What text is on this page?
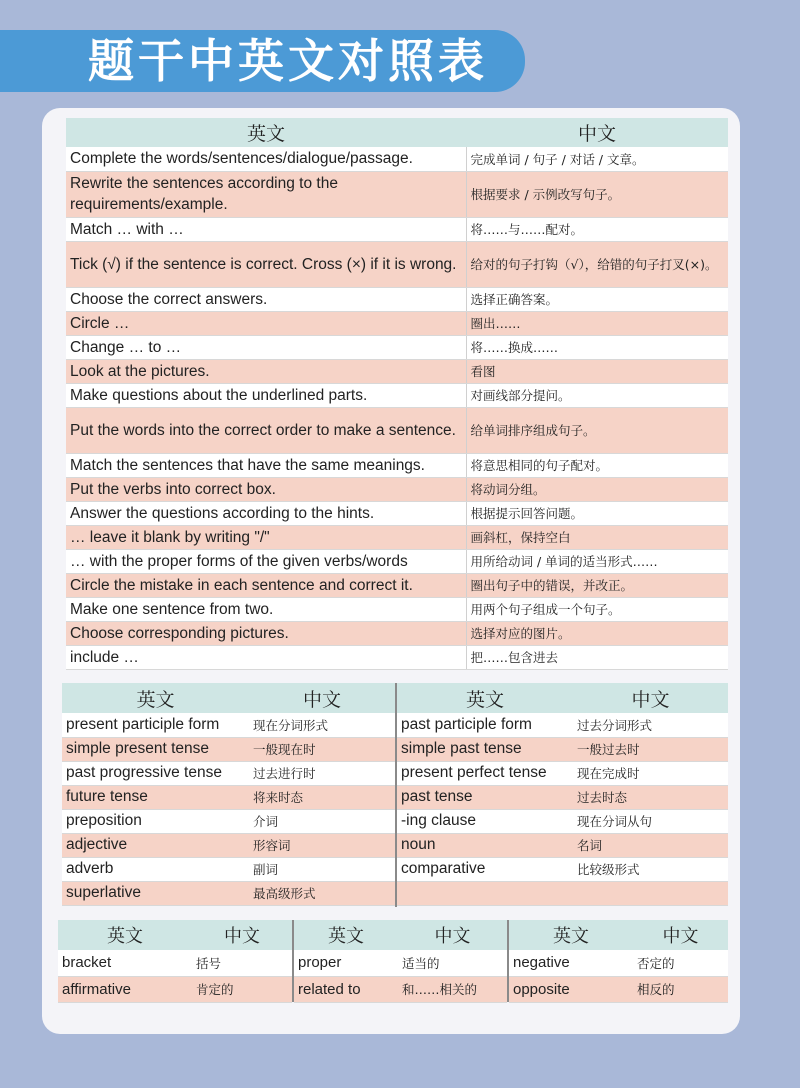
题干中英文对照表
英文	中文
Complete the words/sentences/dialogue/passage.	完成单词 / 句子 / 对话 / 文章。
Rewrite the sentences according to the requirements/example.	根据要求 / 示例改写句子。
Match … with …	将……与……配对。
Tick (√) if the sentence is correct. Cross (×) if it is wrong.	给对的句子打钩（√），给错的句子打叉(×)。
Choose the correct answers.	选择正确答案。
Circle …	圈出……
Change … to …	将……换成……
Look at the pictures.	看图
Make questions about the underlined parts.	对画线部分提问。
Put the words into the correct order to make a sentence.	给单词排序组成句子。
Match the sentences that have the same meanings.	将意思相同的句子配对。
Put the verbs into correct box.	将动词分组。
Answer the questions according to the hints.	根据提示回答问题。
… leave it blank by writing "/"	画斜杠，保持空白
… with the proper forms of the given verbs/words	用所给动词 / 单词的适当形式……
Circle the mistake in each sentence and correct it.	圈出句子中的错误，并改正。
Make one sentence from two.	用两个句子组成一个句子。
Choose corresponding pictures.	选择对应的图片。
include …	把……包含进去
英文	中文
present participle form	现在分词形式
simple present tense	一般现在时
past progressive tense	过去进行时
future tense	将来时态
preposition	介词
adjective	形容词
adverb	副词
superlative	最高级形式
英文	中文
past participle form	过去分词形式
simple past tense	一般过去时
present perfect tense	现在完成时
past tense	过去时态
-ing clause	现在分词从句
noun	名词
comparative	比较级形式

英文	中文
bracket	括号
affirmative	肯定的
英文	中文
proper	适当的
related to	和……相关的
英文	中文
negative	否定的
opposite	相反的
